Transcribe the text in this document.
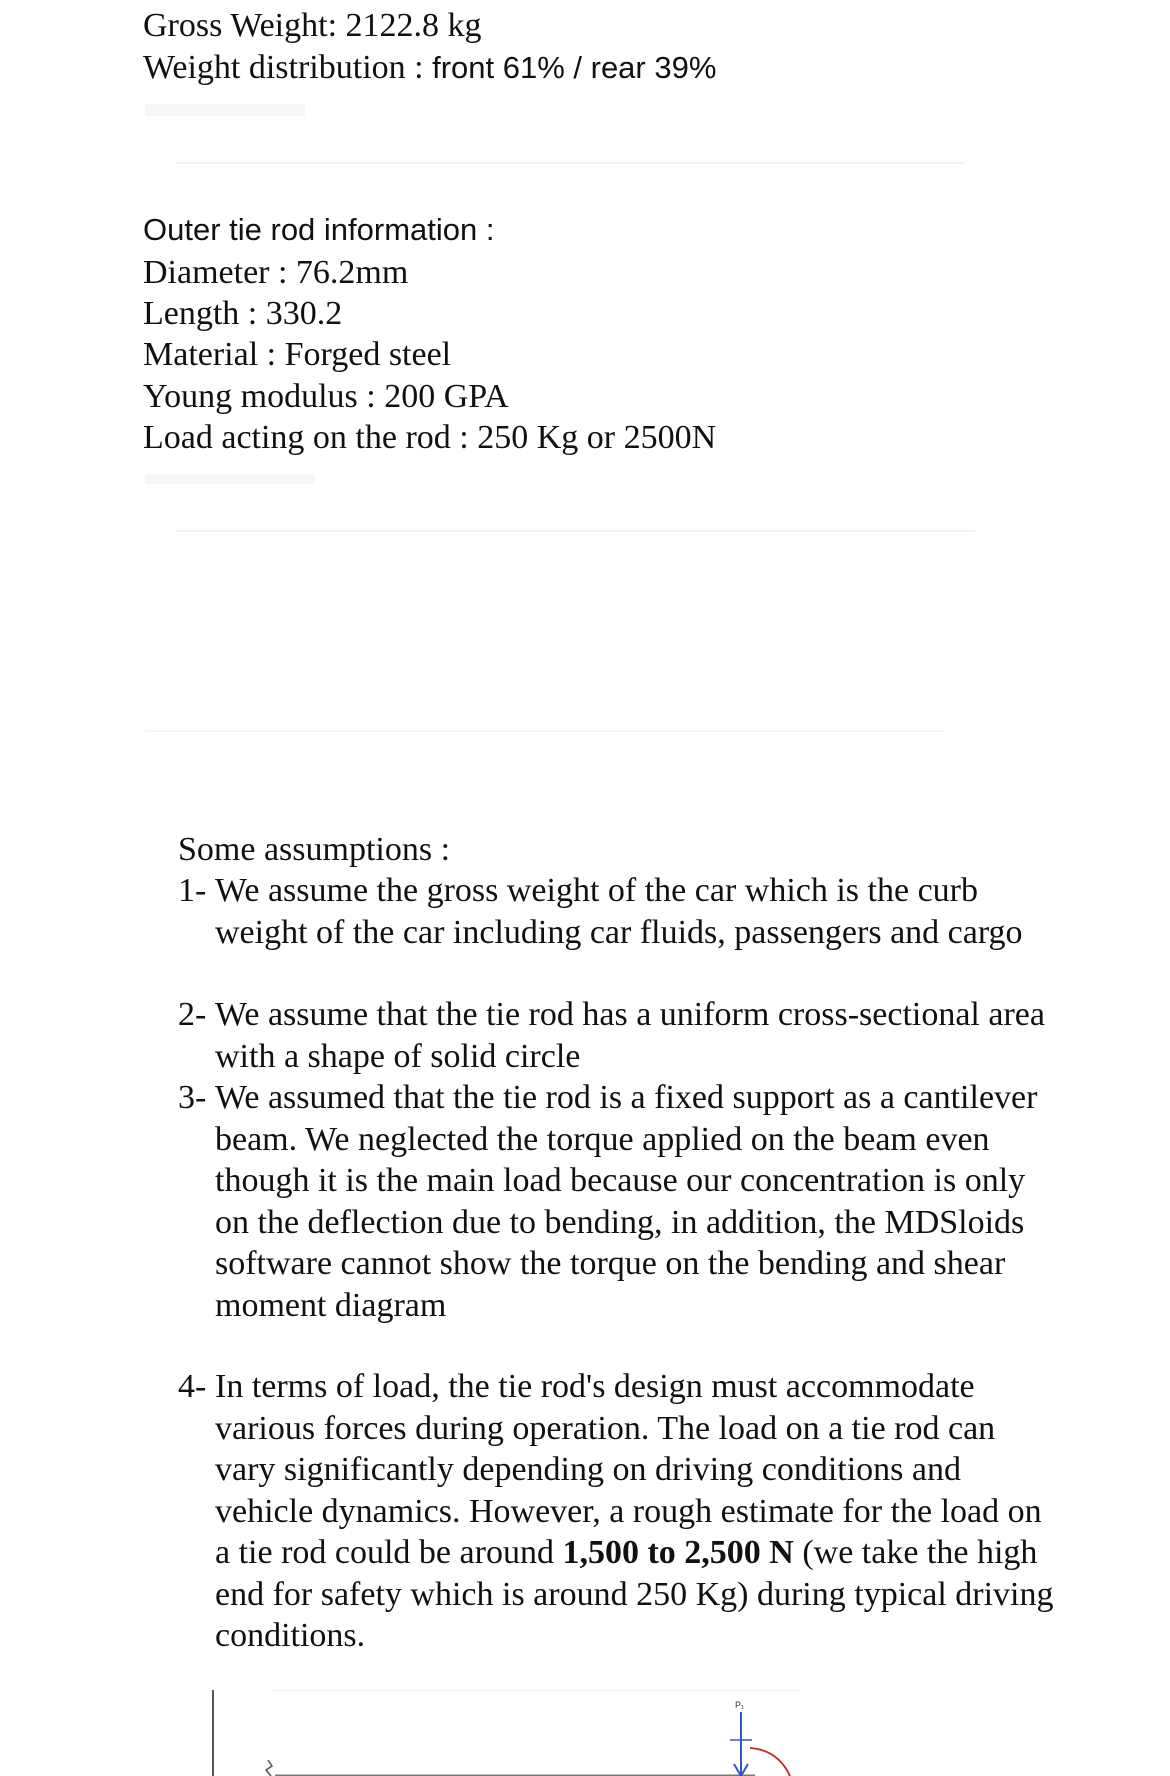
Gross Weight: 2122.8 kg
Weight distribution : front 61% / rear 39%
Outer tie rod information :
Diameter : 76.2mm
Length : 330.2
Material : Forged steel
Young modulus : 200 GPA
Load acting on the rod : 250 Kg or 2500N
Some assumptions :
1- We assume the gross weight of the car which is the curb weight of the car including car fluids, passengers and cargo
2- We assume that the tie rod has a uniform cross-sectional area with a shape of solid circle
3- We assumed that the tie rod is a fixed support as a cantilever beam. We neglected the torque applied on the beam even though it is the main load because our concentration is only on the deflection due to bending, in addition, the MDSloids software cannot show the torque on the bending and shear moment diagram
4- In terms of load, the tie rod's design must accommodate various forces during operation. The load on a tie rod can vary significantly depending on driving conditions and vehicle dynamics. However, a rough estimate for the load on a tie rod could be around 1,500 to 2,500 N (we take the high end for safety which is around 250 Kg) during typical driving conditions.
P₁
